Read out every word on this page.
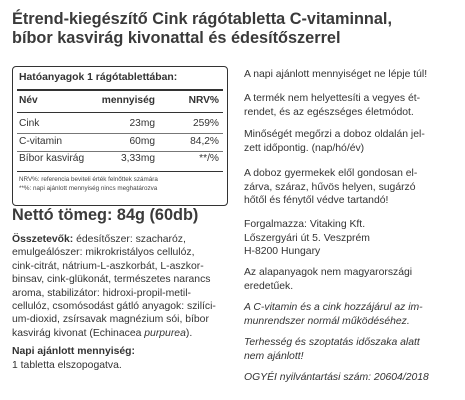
Étrend-kiegészítő Cink rágótabletta C-vitaminnal,
bíbor kasvirág kivonattal és édesítőszerrel
Hatóanyagok 1 rágótablettában:
Név	mennyiség	NRV%
Cink	23mg	259%
C-vitamin	60mg	84,2%
Bíbor kasvirág	3,33mg	**/%
NRV%: referencia beviteli érték felnőttek számára
**%: napi ajánlott mennyiség nincs meghatározva
Nettó tömeg: 84g (60db)
Összetevők: édesítőszer: szacharóz,
emulgeálószer: mikrokristályos cellulóz,
cink-citrát, nátrium-L-aszkorbát, L-aszkor-
binsav, cink-glükonát, természetes narancs
aroma, stabilizátor: hidroxi-propil-metil-
cellulóz, csomósodást gátló anyagok: szilíci-
um-dioxid, zsírsavak magnézium sói, bíbor
kasvirág kivonat (Echinacea purpurea).
Napi ajánlott mennyiség:
1 tabletta elszopogatva.
A napi ajánlott mennyiséget ne lépje túl!
A termék nem helyettesíti a vegyes ét-
rendet, és az egészséges életmódot.
Minőségét megőrzi a doboz oldalán jel-
zett időpontig. (nap/hó/év)
A doboz gyermekek elől gondosan el-
zárva, száraz, hűvös helyen, sugárzó
hőtől és fénytől védve tartandó!
Forgalmazza: Vitaking Kft.
Lőszergyári út 5. Veszprém
H-8200 Hungary
Az alapanyagok nem magyarországi
eredetűek.
A C-vitamin és a cink hozzájárul az im-
munrendszer normál működéséhez.
Terhesség és szoptatás időszaka alatt
nem ajánlott!
OGYÉI nyilvántartási szám: 20604/2018
